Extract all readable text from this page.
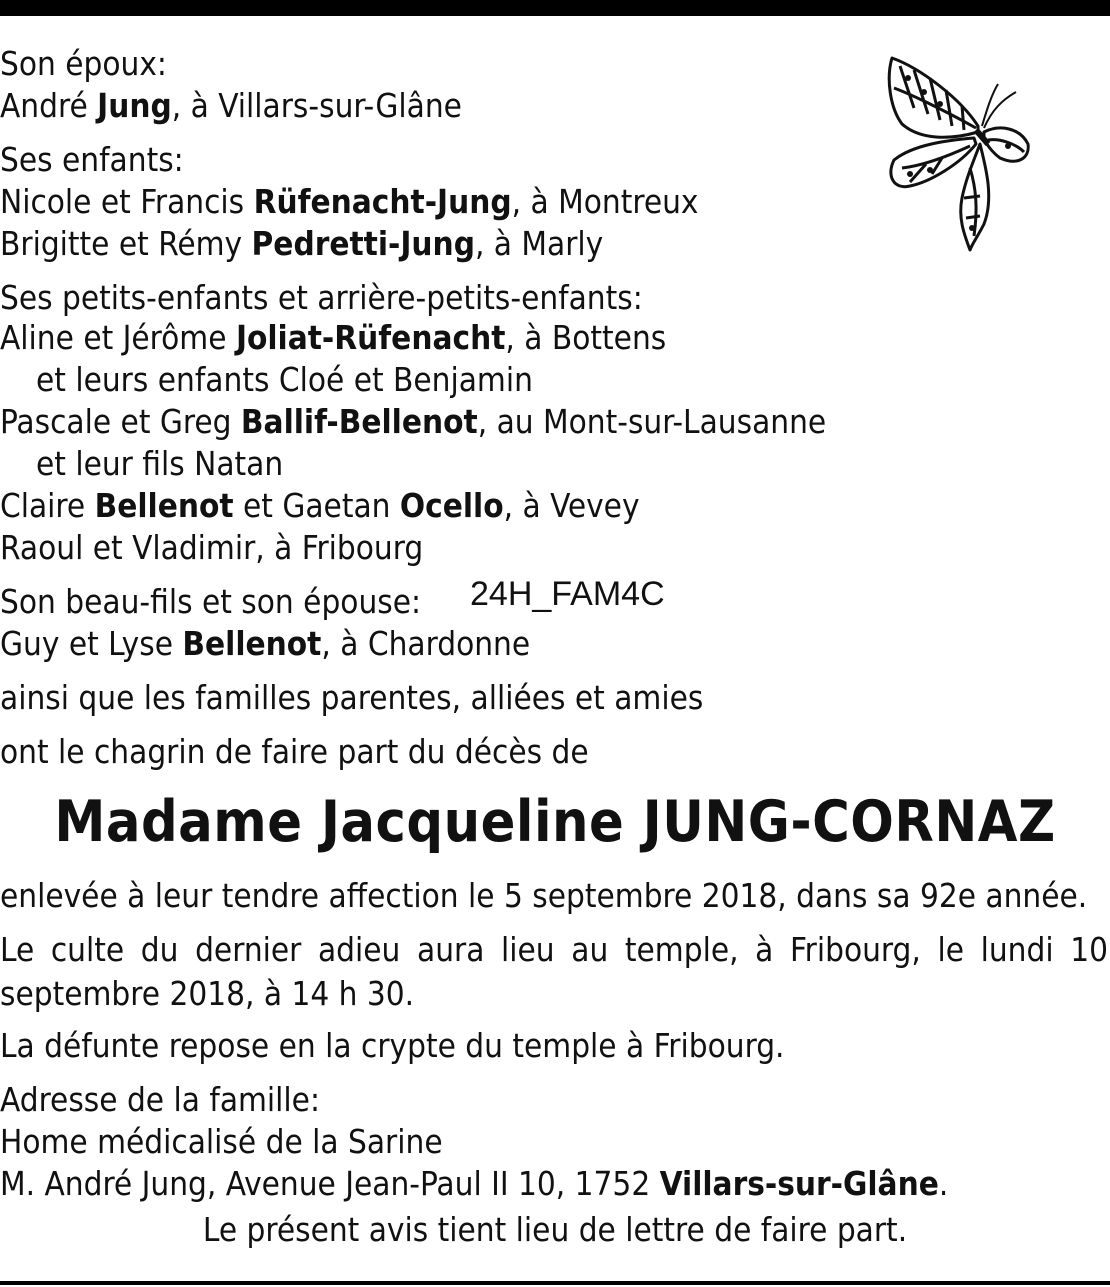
Son époux:
André Jung, à Villars-sur-Glâne
Ses enfants:
Nicole et Francis Rüfenacht-Jung, à Montreux
Brigitte et Rémy Pedretti-Jung, à Marly
Ses petits-enfants et arrière-petits-enfants:
Aline et Jérôme Joliat-Rüfenacht, à Bottens
et leurs enfants Cloé et Benjamin
Pascale et Greg Ballif-Bellenot, au Mont-sur-Lausanne
et leur fils Natan
Claire Bellenot et Gaetan Ocello, à Vevey
Raoul et Vladimir, à Fribourg
Son beau-fils et son épouse: 24H_FAM4C
Guy et Lyse Bellenot, à Chardonne
ainsi que les familles parentes, alliées et amies
ont le chagrin de faire part du décès de
Madame Jacqueline JUNG-CORNAZ
enlevée à leur tendre affection le 5 septembre 2018, dans sa 92e année.
Le culte du dernier adieu aura lieu au temple, à Fribourg, le lundi 10 septembre 2018, à 14 h 30.
La défunte repose en la crypte du temple à Fribourg.
Adresse de la famille:
Home médicalisé de la Sarine
M. André Jung, Avenue Jean-Paul II 10, 1752 Villars-sur-Glâne.
Le présent avis tient lieu de lettre de faire part.
